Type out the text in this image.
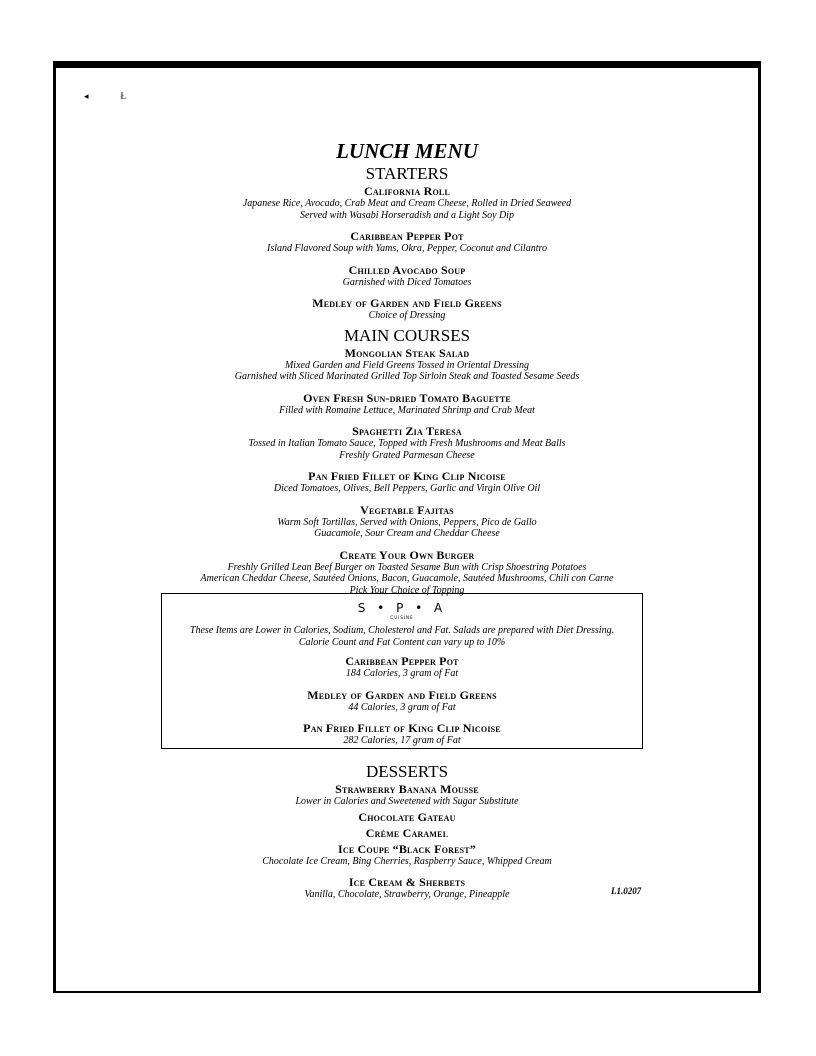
◂Ł
LUNCH MENU
STARTERS
California Roll
Japanese Rice, Avocado, Crab Meat and Cream Cheese, Rolled in Dried Seaweed
Served with Wasabi Horseradish and a Light Soy Dip
Caribbean Pepper Pot
Island Flavored Soup with Yams, Okra, Pepper, Coconut and Cilantro
Chilled Avocado Soup
Garnished with Diced Tomatoes
Medley of Garden and Field Greens
Choice of Dressing
MAIN COURSES
Mongolian Steak Salad
Mixed Garden and Field Greens Tossed in Oriental Dressing
Garnished with Sliced Marinated Grilled Top Sirloin Steak and Toasted Sesame Seeds
Oven Fresh Sun-dried Tomato Baguette
Filled with Romaine Lettuce, Marinated Shrimp and Crab Meat
Spaghetti Zia Teresa
Tossed in Italian Tomato Sauce, Topped with Fresh Mushrooms and Meat Balls
Freshly Grated Parmesan Cheese
Pan Fried Fillet of King Clip Nicoise
Diced Tomatoes, Olives, Bell Peppers, Garlic and Virgin Olive Oil
Vegetable Fajitas
Warm Soft Tortillas, Served with Onions, Peppers, Pico de Gallo
Guacamole, Sour Cream and Cheddar Cheese
Create Your Own Burger
Freshly Grilled Lean Beef Burger on Toasted Sesame Bun with Crisp Shoestring Potatoes
American Cheddar Cheese, Sautéed Onions, Bacon, Guacamole, Sautéed Mushrooms, Chili con Carne
Pick Your Choice of Topping
S • P • A
CUISINE
These Items are Lower in Calories, Sodium, Cholesterol and Fat. Salads are prepared with Diet Dressing.
Calorie Count and Fat Content can vary up to 10%
Caribbean Pepper Pot
184 Calories, 3 gram of Fat
Medley of Garden and Field Greens
44 Calories, 3 gram of Fat
Pan Fried Fillet of King Clip Nicoise
282 Calories, 17 gram of Fat
DESSERTS
Strawberry Banana Mousse
Lower in Calories and Sweetened with Sugar Substitute
Chocolate Gateau
Crème Caramel
Ice Coupe “Black Forest”
Chocolate Ice Cream, Bing Cherries, Raspberry Sauce, Whipped Cream
Ice Cream & Sherbets
Vanilla, Chocolate, Strawberry, Orange, Pineapple	L1.0207
